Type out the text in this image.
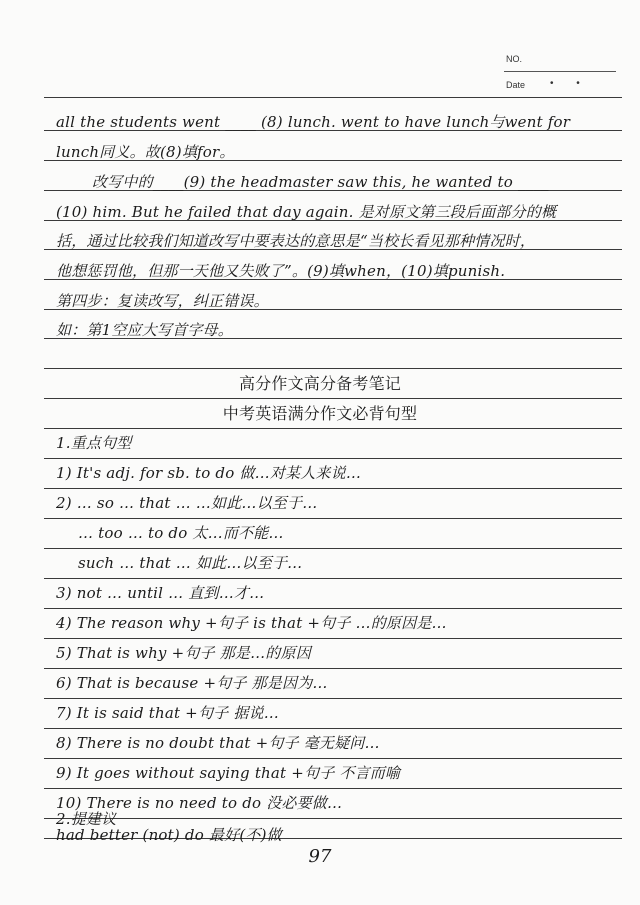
NO.
Date • •
all the students went ____ (8) lunch. went to have lunch与went for
lunch同义。故(8)填for。
改写中的____(9) the headmaster saw this, he wanted to ____
(10) him. But he failed that day again. 是对原文第三段后面部分的概
括，通过比较我们知道改写中要表达的意思是“当校长看见那种情况时，
他想惩罚他，但那一天他又失败了”。(9)填when，(10)填punish.
第四步：复读改写，纠正错误。
如：第1空应大写首字母。
高分作文高分备考笔记
中考英语满分作文必背句型
1.重点句型
1) It's adj. for sb. to do 做…对某人来说…
2) … so … that … …如此…以至于…
… too … to do 太…而不能…
such … that … 如此…以至于…
3) not … until … 直到…才…
4) The reason why +句子 is that +句子 …的原因是…
5) That is why +句子 那是…的原因
6) That is because +句子 那是因为…
7) It is said that +句子 据说…
8) There is no doubt that +句子 毫无疑问…
9) It goes without saying that +句子 不言而喻
10) There is no need to do 没必要做…
2.提建议
had better (not) do 最好(不)做
97
